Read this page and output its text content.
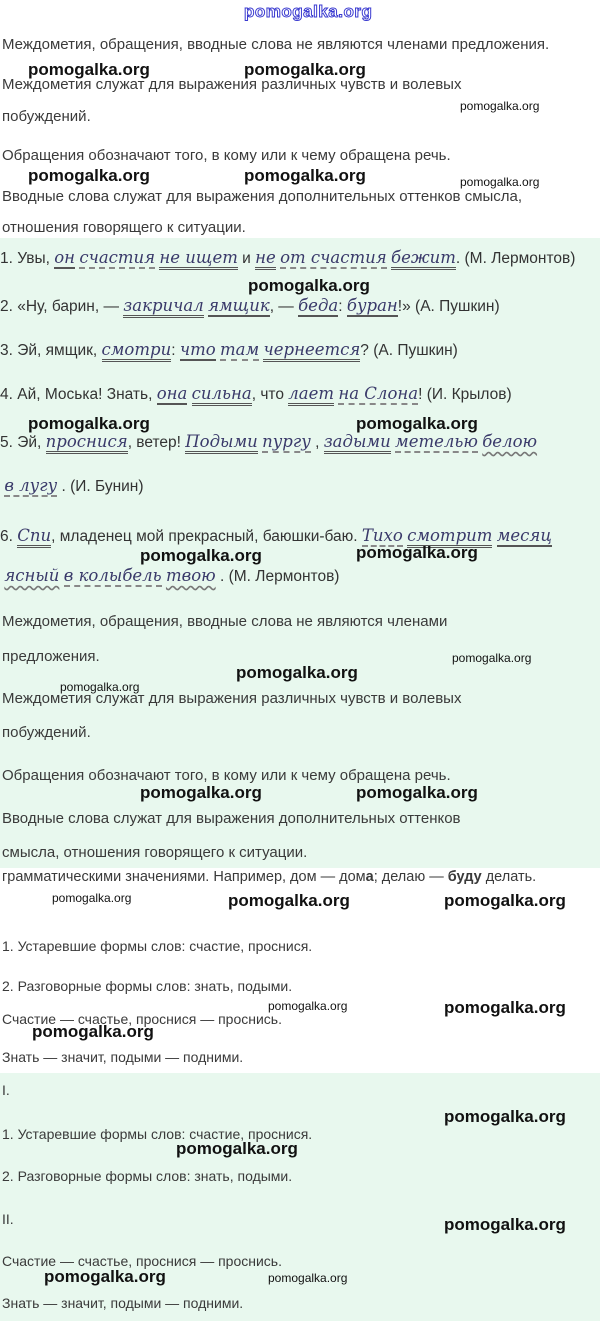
pomogalka.org
Междометия, обращения, вводные слова не являются членами предложения.
Междометия служат для выражения различных чувств и волевых
побуждений.
Обращения обозначают того, в кому или к чему обращена речь.
Вводные слова служат для выражения дополнительных оттенков смысла,
отношения говорящего к ситуации.
1. Увы, он счастия не ищет и не от счастия бежит. (М. Лермонтов)
2. «Ну, барин, — закричал ямщик, — беда: буран!» (А. Пушкин)
3. Эй, ямщик, смотри: что там чернеется? (А. Пушкин)
4. Ай, Моська! Знать, она сильна, что лает на Слона! (И. Крылов)
5. Эй, проснися, ветер! Подыми пургу , задыми метелью белою
в лугу . (И. Бунин)
6. Спи, младенец мой прекрасный, баюшки-баю. Тихо смотрит месяц
ясный в колыбель твою . (М. Лермонтов)
Междометия, обращения, вводные слова не являются членами
предложения.
Междометия служат для выражения различных чувств и волевых
побуждений.
Обращения обозначают того, в кому или к чему обращена речь.
Вводные слова служат для выражения дополнительных оттенков
смысла, отношения говорящего к ситуации.
грамматическими значениями. Например, дом — дома; делаю — буду делать.
1. Устаревшие формы слов: счастие, проснися.
2. Разговорные формы слов: знать, подыми.
Счастие — счастье, проснися — проснись.
Знать — значит, подыми — подними.
I.
1. Устаревшие формы слов: счастие, проснися.
2. Разговорные формы слов: знать, подыми.
II.
Счастие — счастье, проснися — проснись.
Знать — значит, подыми — подними.
pomogalka.org	pomogalka.org
pomogalka.org	pomogalka.org
pomogalka.org	pomogalka.org
pomogalka.org
pomogalka.org	pomogalka.org
pomogalka.org
pomogalka.org	pomogalka.org
pomogalka.org	pomogalka.org
pomogalka.org
pomogalka.org
pomogalka.org
pomogalka.org
pomogalka.org
pomogalka.org
pomogalka.org
pomogalka.org
pomogalka.org
pomogalka.org
pomogalka.org
pomogalka.org
pomogalka.org
